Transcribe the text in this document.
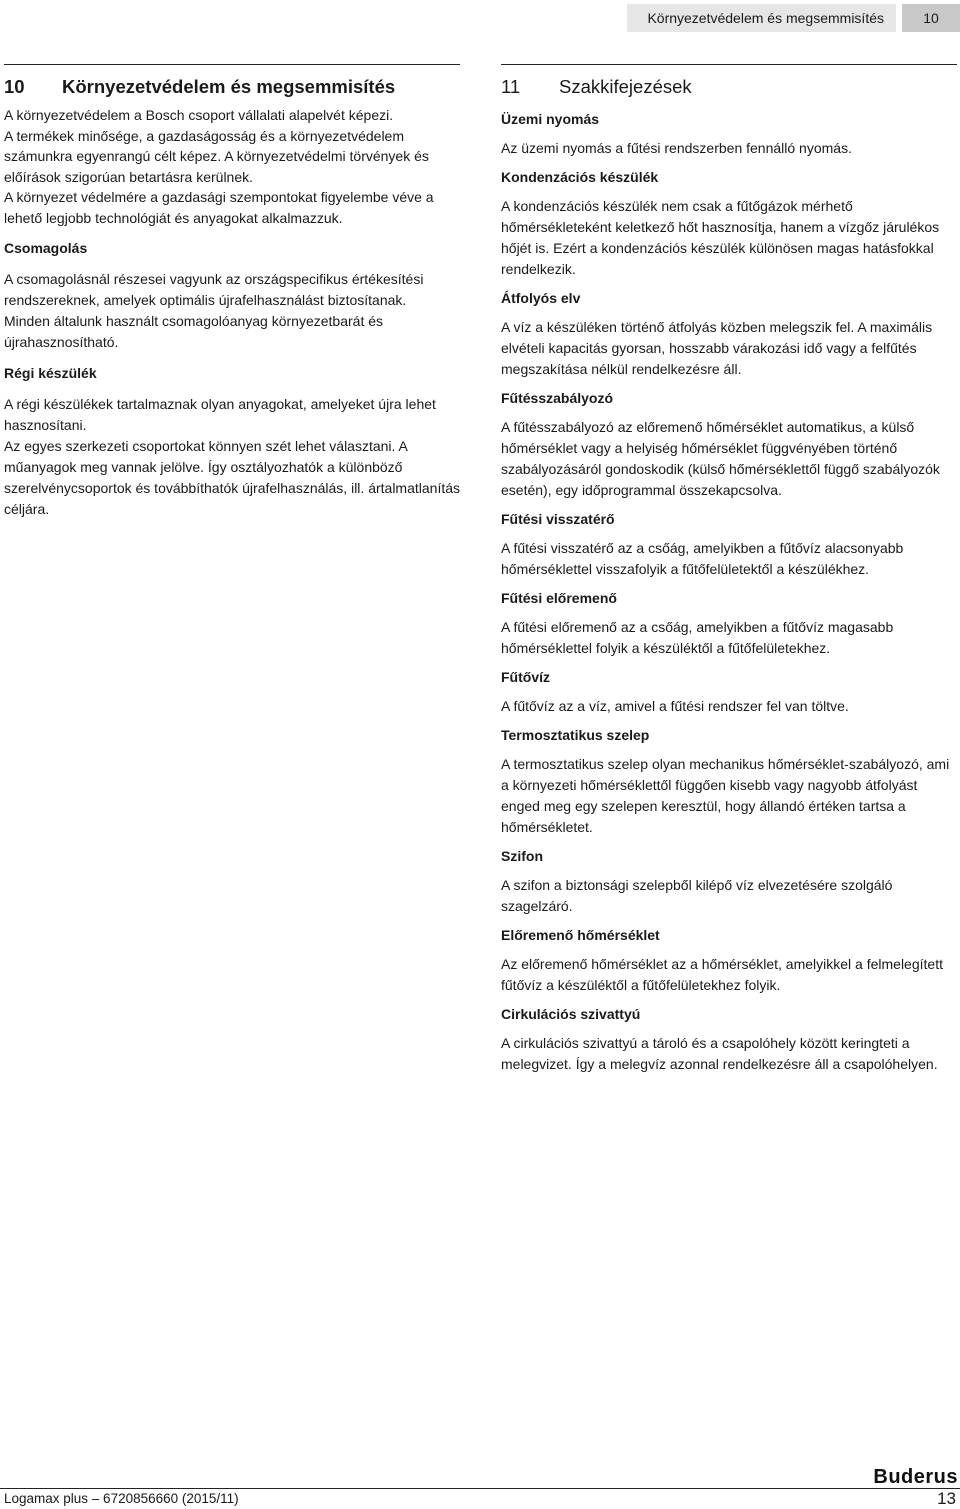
Környezetvédelem és megsemmisítés	10
10 Környezetvédelem és megsemmisítés

A környezetvédelem a Bosch csoport vállalati alapelvét képezi.

A termékek minősége, a gazdaságosság és a környezetvédelem számunkra egyenrangú célt képez. A környezetvédelmi törvények és előírások szigorúan betartásra kerülnek.

A környezet védelmére a gazdasági szempontokat figyelembe véve a lehető legjobb technológiát és anyagokat alkalmazzuk.

Csomagolás

A csomagolásnál részesei vagyunk az országspecifikus értékesítési rendszereknek, amelyek optimális újrafelhasználást biztosítanak.

Minden általunk használt csomagolóanyag környezetbarát és újrahasznosítható.

Régi készülék

A régi készülékek tartalmaznak olyan anyagokat, amelyeket újra lehet hasznosítani.

Az egyes szerkezeti csoportokat könnyen szét lehet választani. A műanyagok meg vannak jelölve. Így osztályozhatók a különböző szerelvénycsoportok és továbbíthatók újrafelhasználás, ill. ártalmatlanítás céljára.

11 Szakkifejezések
Üzemi nyomás

Az üzemi nyomás a fűtési rendszerben fennálló nyomás.

Kondenzációs készülék

A kondenzációs készülék nem csak a fűtőgázok mérhető hőmérsékleteként keletkező hőt hasznosítja, hanem a vízgőz járulékos hőjét is. Ezért a kondenzációs készülék különösen magas hatásfokkal rendelkezik.

Átfolyós elv

A víz a készüléken történő átfolyás közben melegszik fel. A maximális elvételi kapacitás gyorsan, hosszabb várakozási idő vagy a felfűtés megszakítása nélkül rendelkezésre áll.

Fűtésszabályozó

A fűtésszabályozó az előremenő hőmérséklet automatikus, a külső hőmérséklet vagy a helyiség hőmérséklet függvényében történő szabályozásáról gondoskodik (külső hőmérséklettől függő szabályozók esetén), egy időprogrammal összekapcsolva.

Fűtési visszatérő

A fűtési visszatérő az a csőág, amelyikben a fűtővíz alacsonyabb hőmérséklettel visszafolyik a fűtőfelületektől a készülékhez.

Fűtési előremenő

A fűtési előremenő az a csőág, amelyikben a fűtővíz magasabb hőmérséklettel folyik a készüléktől a fűtőfelületekhez.

Fűtővíz

A fűtővíz az a víz, amivel a fűtési rendszer fel van töltve.

Termosztatikus szelep

A termosztatikus szelep olyan mechanikus hőmérséklet-szabályozó, ami a környezeti hőmérséklettől függően kisebb vagy nagyobb átfolyást enged meg egy szelepen keresztül, hogy állandó értéken tartsa a hőmérsékletet.

Szifon

A szifon a biztonsági szelepből kilépő víz elvezetésére szolgáló szagelzáró.

Előremenő hőmérséklet

Az előremenő hőmérséklet az a hőmérséklet, amelyikkel a felmelegített fűtővíz a készüléktől a fűtőfelületekhez folyik.

Cirkulációs szivattyú

A cirkulációs szivattyú a tároló és a csapolóhely között keringteti a melegvizet. Így a melegvíz azonnal rendelkezésre áll a csapolóhelyen.

Buderus
Logamax plus – 6720856660 (2015/11)	13
